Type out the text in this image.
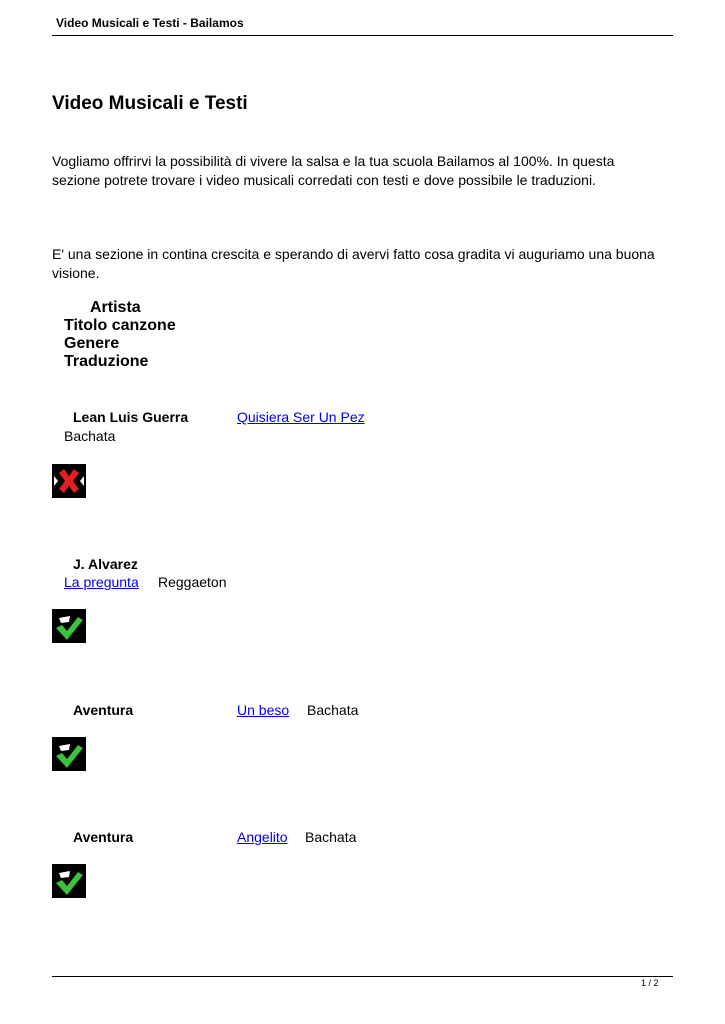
Video Musicali e Testi - Bailamos
Video Musicali e Testi
Vogliamo offrirvi la possibilità di vivere la salsa e la tua scuola Bailamos al 100%. In questa sezione potrete trovare i video musicali corredati con testi e dove possibile le traduzioni.
E' una sezione in contina crescita e sperando di avervi fatto cosa gradita vi auguriamo una buona visione.
Artista
Titolo canzone
Genere
Traduzione
Lean Luis Guerra	Quisiera Ser Un Pez
Bachata
J. Alvarez
La pregunta Reggaeton
Aventura	Un beso Bachata
Aventura	Angelito Bachata
1 / 2
